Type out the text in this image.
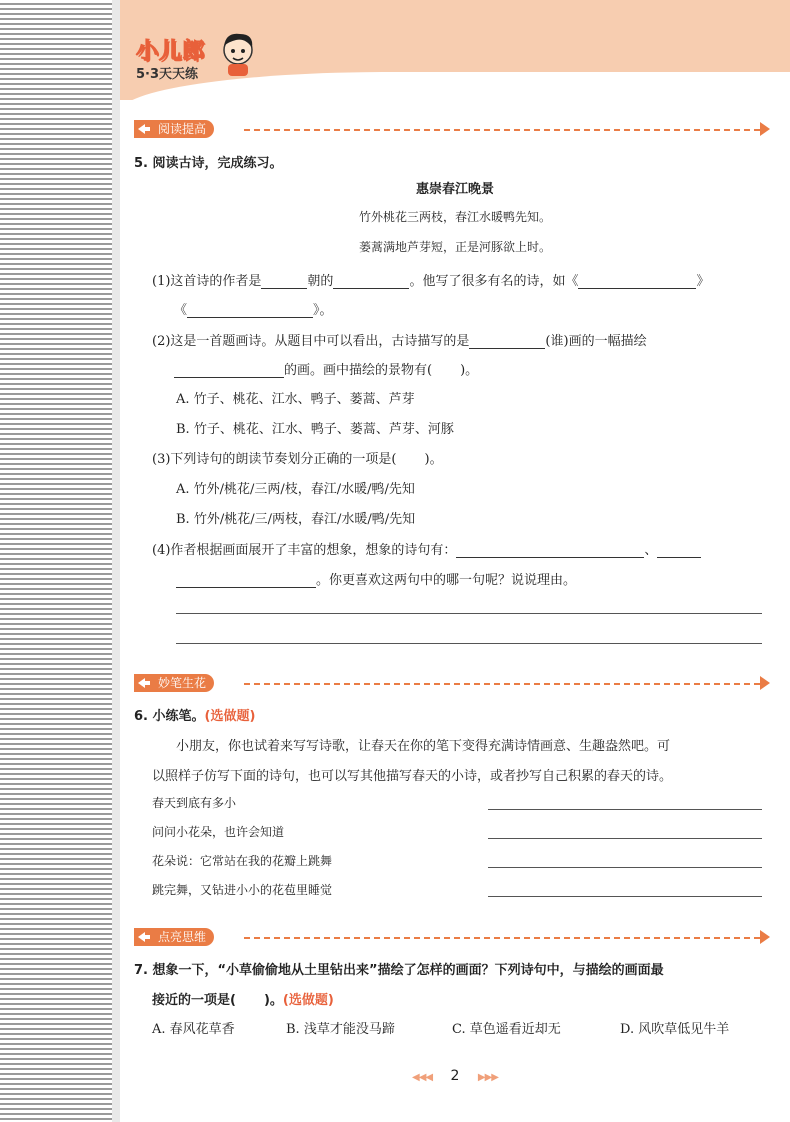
小儿郎
5·3天天练
阅读提高
5. 阅读古诗，完成练习。
惠崇春江晚景
竹外桃花三两枝，春江水暖鸭先知。
蒌蒿满地芦芽短，正是河豚欲上时。
(1)这首诗的作者是	朝的	。他写了很多有名的诗，如《	》
《	》。
(2)这是一首题画诗。从题目中可以看出，古诗描写的是	(谁)画的一幅描绘
的画。画中描绘的景物有( )。
A. 竹子、桃花、江水、鸭子、蒌蒿、芦芽
B. 竹子、桃花、江水、鸭子、蒌蒿、芦芽、河豚
(3)下列诗句的朗读节奏划分正确的一项是( )。
A. 竹外/桃花/三两/枝，春江/水暖/鸭/先知
B. 竹外/桃花/三/两枝，春江/水暖/鸭/先知
(4)作者根据画面展开了丰富的想象，想象的诗句有：	、
。你更喜欢这两句中的哪一句呢？说说理由。
妙笔生花
6. 小练笔。(选做题)
小朋友，你也试着来写写诗歌，让春天在你的笔下变得充满诗情画意、生趣盎然吧。可
以照样子仿写下面的诗句，也可以写其他描写春天的小诗，或者抄写自己积累的春天的诗。
春天到底有多小
问问小花朵，也许会知道
花朵说：它常站在我的花瓣上跳舞
跳完舞，又钻进小小的花苞里睡觉
点亮思维
7. 想象一下，“小草偷偷地从土里钻出来”描绘了怎样的画面？下列诗句中，与描绘的画面最
接近的一项是( )。(选做题)
A. 春风花草香	B. 浅草才能没马蹄	C. 草色遥看近却无	D. 风吹草低见牛羊
◀◀◀ 2 ▶▶▶
